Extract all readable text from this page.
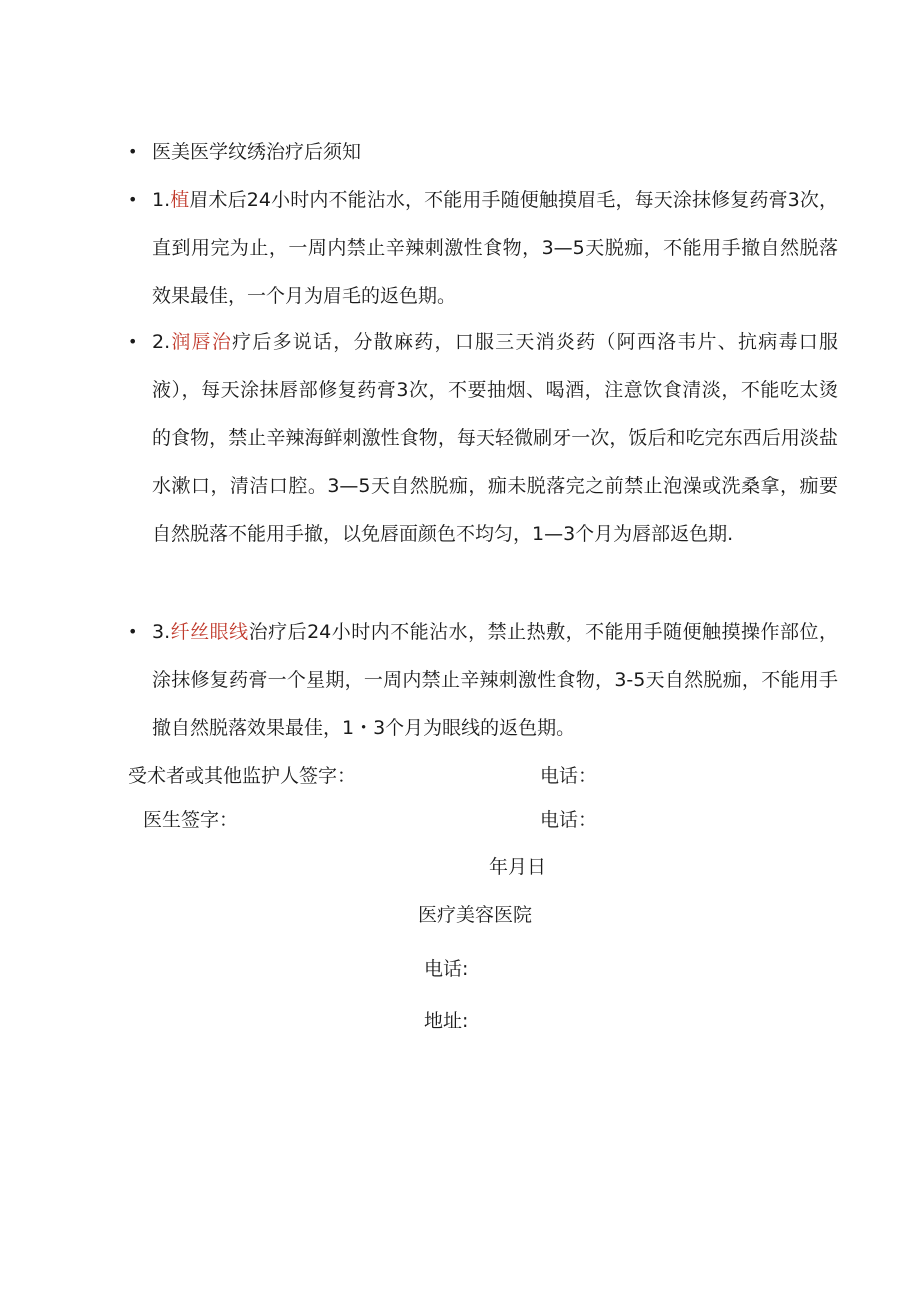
• 医美医学纹绣治疗后须知
• 1.植眉术后24小时内不能沾水，不能用手随便触摸眉毛，每天涂抹修复药膏3次，直到用完为止，一周内禁止辛辣刺激性食物，3—5天脱痂，不能用手撤自然脱落效果最佳，一个月为眉毛的返色期。
• 2.润唇治疗后多说话，分散麻药，口服三天消炎药（阿西洛韦片、抗病毒口服液），每天涂抹唇部修复药膏3次，不要抽烟、喝酒，注意饮食清淡，不能吃太烫的食物，禁止辛辣海鲜刺激性食物，每天轻微刷牙一次，饭后和吃完东西后用淡盐水漱口，清洁口腔。3—5天自然脱痂，痂未脱落完之前禁止泡澡或洗桑拿，痂要自然脱落不能用手撤，以免唇面颜色不均匀，1—3个月为唇部返色期.
• 3.纤丝眼线治疗后24小时内不能沾水，禁止热敷，不能用手随便触摸操作部位，涂抹修复药膏一个星期，一周内禁止辛辣刺激性食物，3-5天自然脱痂，不能用手撤自然脱落效果最佳，1・3个月为眼线的返色期。
受术者或其他监护人签字：	电话：
医生签字：	电话：
年月日
医疗美容医院
电话:
地址:
